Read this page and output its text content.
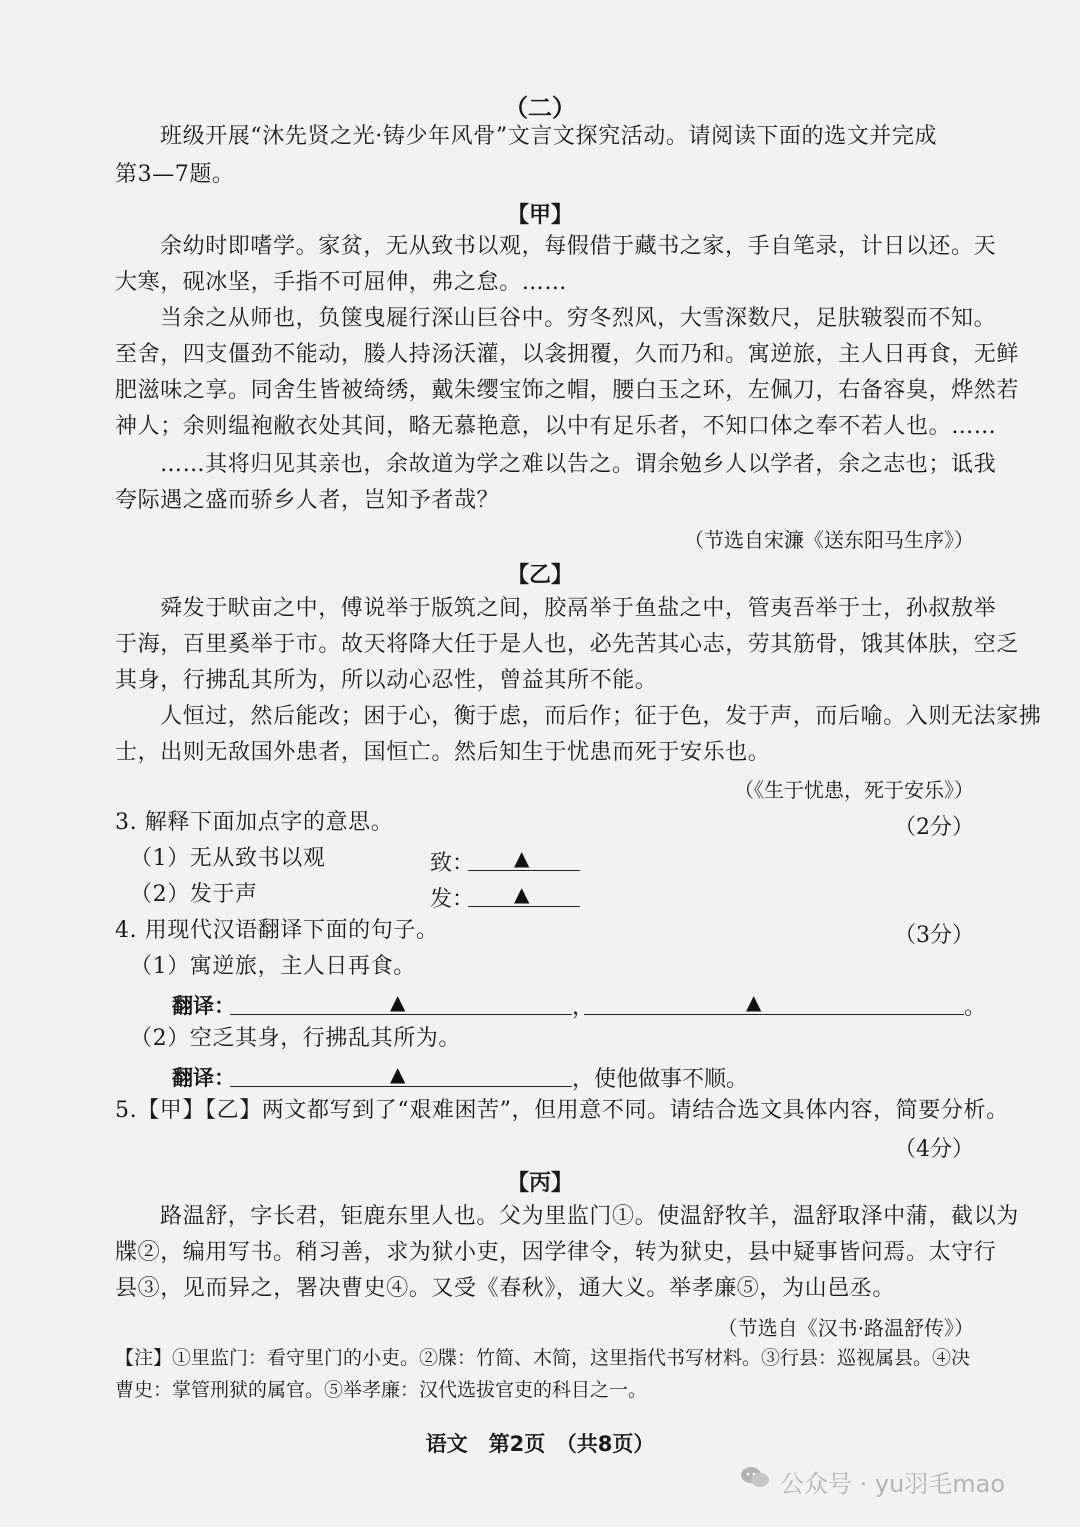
（二）
班级开展“沐先贤之光·铸少年风骨”文言文探究活动。请阅读下面的选文并完成
第3—7题。
【甲】
余幼时即嗜学。家贫，无从致书以观，每假借于藏书之家，手自笔录，计日以还。天
大寒，砚冰坚，手指不可屈伸，弗之怠。……
当余之从师也，负箧曳屣行深山巨谷中。穷冬烈风，大雪深数尺，足肤皲裂而不知。
至舍，四支僵劲不能动，媵人持汤沃灌，以衾拥覆，久而乃和。寓逆旅，主人日再食，无鲜
肥滋味之享。同舍生皆被绮绣，戴朱缨宝饰之帽，腰白玉之环，左佩刀，右备容臭，烨然若
神人；余则缊袍敝衣处其间，略无慕艳意，以中有足乐者，不知口体之奉不若人也。……
……其将归见其亲也，余故道为学之难以告之。谓余勉乡人以学者，余之志也；诋我
夸际遇之盛而骄乡人者，岂知予者哉？
（节选自宋濂《送东阳马生序》）
【乙】
舜发于畎亩之中，傅说举于版筑之间，胶鬲举于鱼盐之中，管夷吾举于士，孙叔敖举
于海，百里奚举于市。故天将降大任于是人也，必先苦其心志，劳其筋骨，饿其体肤，空乏
其身，行拂乱其所为，所以动心忍性，曾益其所不能。
人恒过，然后能改；困于心，衡于虑，而后作；征于色，发于声，而后喻。入则无法家拂
士，出则无敌国外患者，国恒亡。然后知生于忧患而死于安乐也。
（《生于忧患，死于安乐》）
3. 解释下面加点字的意思。	（2分）
（1）无从致书以观	致： ▲
（2）发于声	发： ▲
4. 用现代汉语翻译下面的句子。	（3分）
（1）寓逆旅，主人日再食。
翻译：	▲	，	▲	。
（2）空乏其身，行拂乱其所为。
翻译：	▲	，使他做事不顺。
5.【甲】【乙】两文都写到了“艰难困苦”，但用意不同。请结合选文具体内容，简要分析。
（4分）
【丙】
路温舒，字长君，钜鹿东里人也。父为里监门①。使温舒牧羊，温舒取泽中蒲，截以为
牒②，编用写书。稍习善，求为狱小吏，因学律令，转为狱史，县中疑事皆问焉。太守行
县③，见而异之，署决曹史④。又受《春秋》，通大义。举孝廉⑤，为山邑丞。
（节选自《汉书·路温舒传》）
【注】①里监门：看守里门的小吏。②牒：竹简、木简，这里指代书写材料。③行县：巡视属县。④决
曹史：掌管刑狱的属官。⑤举孝廉：汉代选拔官吏的科目之一。
语文　第2页　（共8页）
公众号 · yu羽毛mao
